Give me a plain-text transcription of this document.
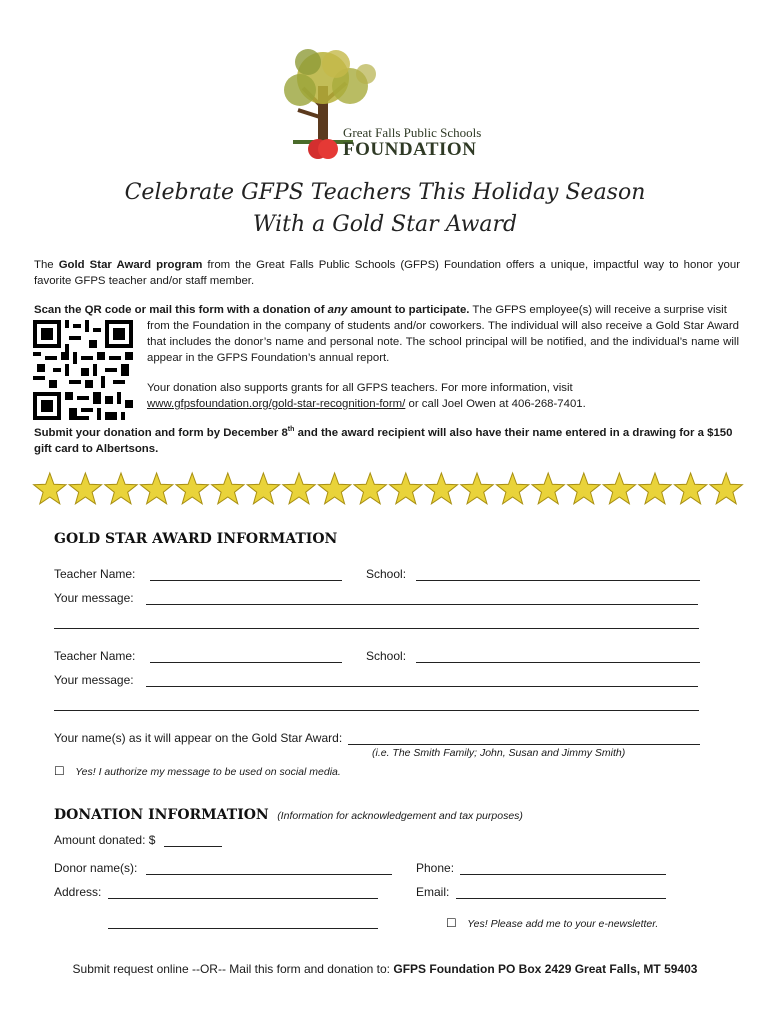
Great Falls Public Schools
FOUNDATION
Celebrate GFPS Teachers This Holiday Season
With a Gold Star Award
The Gold Star Award program from the Great Falls Public Schools (GFPS) Foundation offers a unique, impactful way to honor your favorite GFPS teacher and/or staff member.
Scan the QR code or mail this form with a donation of any amount to participate. The GFPS employee(s) will receive a surprise visit
from the Foundation in the company of students and/or coworkers. The individual will also receive a Gold Star Award that includes the donor’s name and personal note. The school principal will be notified, and the individual’s name will appear in the GFPS Foundation’s annual report.
Your donation also supports grants for all GFPS teachers. For more information, visit
www.gfpsfoundation.org/gold-star-recognition-form/ or call Joel Owen at 406-268-7401.
Submit your donation and form by December 8th and the award recipient will also have their name entered in a drawing for a $150 gift card to Albertsons.
GOLD STAR AWARD INFORMATION
Teacher Name:	School:
Your message:
Teacher Name:	School:
Your message:
Your name(s) as it will appear on the Gold Star Award:
(i.e. The Smith Family; John, Susan and Jimmy Smith)
☐ Yes! I authorize my message to be used on social media.
DONATION INFORMATION (Information for acknowledgement and tax purposes)
Amount donated: $
Donor name(s):	Phone:
Address:	Email:
☐ Yes! Please add me to your e-newsletter.
Submit request online --OR-- Mail this form and donation to: GFPS Foundation PO Box 2429 Great Falls, MT 59403
